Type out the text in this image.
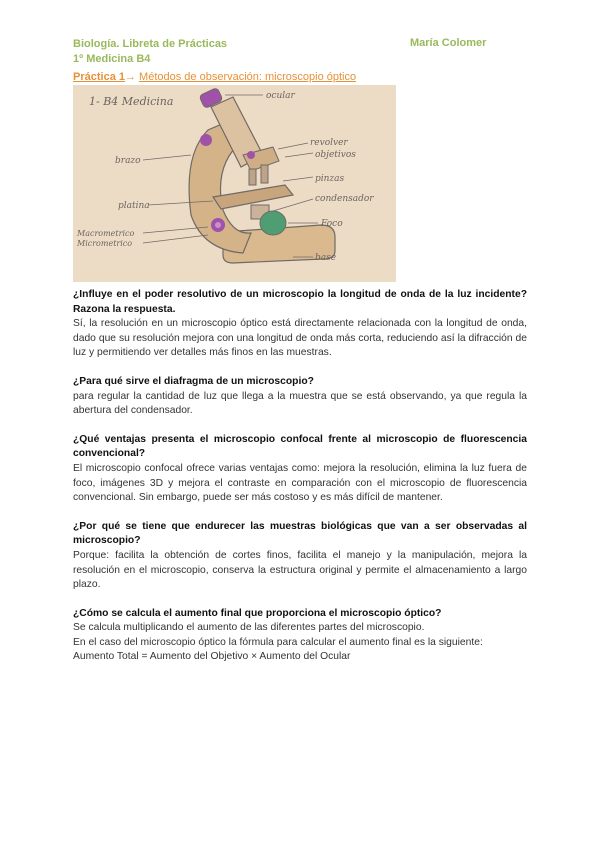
Biología. Libreta de Prácticas
1º Medicina B4
María Colomer
Práctica 1→ Métodos de observación: microscopio óptico
1- B4 Medicina	ocular
revolver
objetivos
pinzas
condensador
Foco
base
brazo
platina
Macrometrico
Micrometrico

¿Influye en el poder resolutivo de un microscopio la longitud de onda de la luz incidente? Razona la respuesta.

Sí, la resolución en un microscopio óptico está directamente relacionada con la longitud de onda, dado que su resolución mejora con una longitud de onda más corta, reduciendo así la difracción de luz y permitiendo ver detalles más finos en las muestras.

¿Para qué sirve el diafragma de un microscopio?

para regular la cantidad de luz que llega a la muestra que se está observando, ya que regula la abertura del condensador.

¿Qué ventajas presenta el microscopio confocal frente al microscopio de fluorescencia convencional?

El microscopio confocal ofrece varias ventajas como: mejora la resolución, elimina la luz fuera de foco, imágenes 3D y mejora el contraste en comparación con el microscopio de fluorescencia convencional. Sin embargo, puede ser más costoso y es más difícil de mantener.

¿Por qué se tiene que endurecer las muestras biológicas que van a ser observadas al microscopio?

Porque: facilita la obtención de cortes finos, facilita el manejo y la manipulación, mejora la resolución en el microscopio, conserva la estructura original y permite el almacenamiento a largo plazo.

¿Cómo se calcula el aumento final que proporciona el microscopio óptico?

Se calcula multiplicando el aumento de las diferentes partes del microscopio.

En el caso del microscopio óptico la fórmula para calcular el aumento final es la siguiente:

Aumento Total = Aumento del Objetivo × Aumento del Ocular
